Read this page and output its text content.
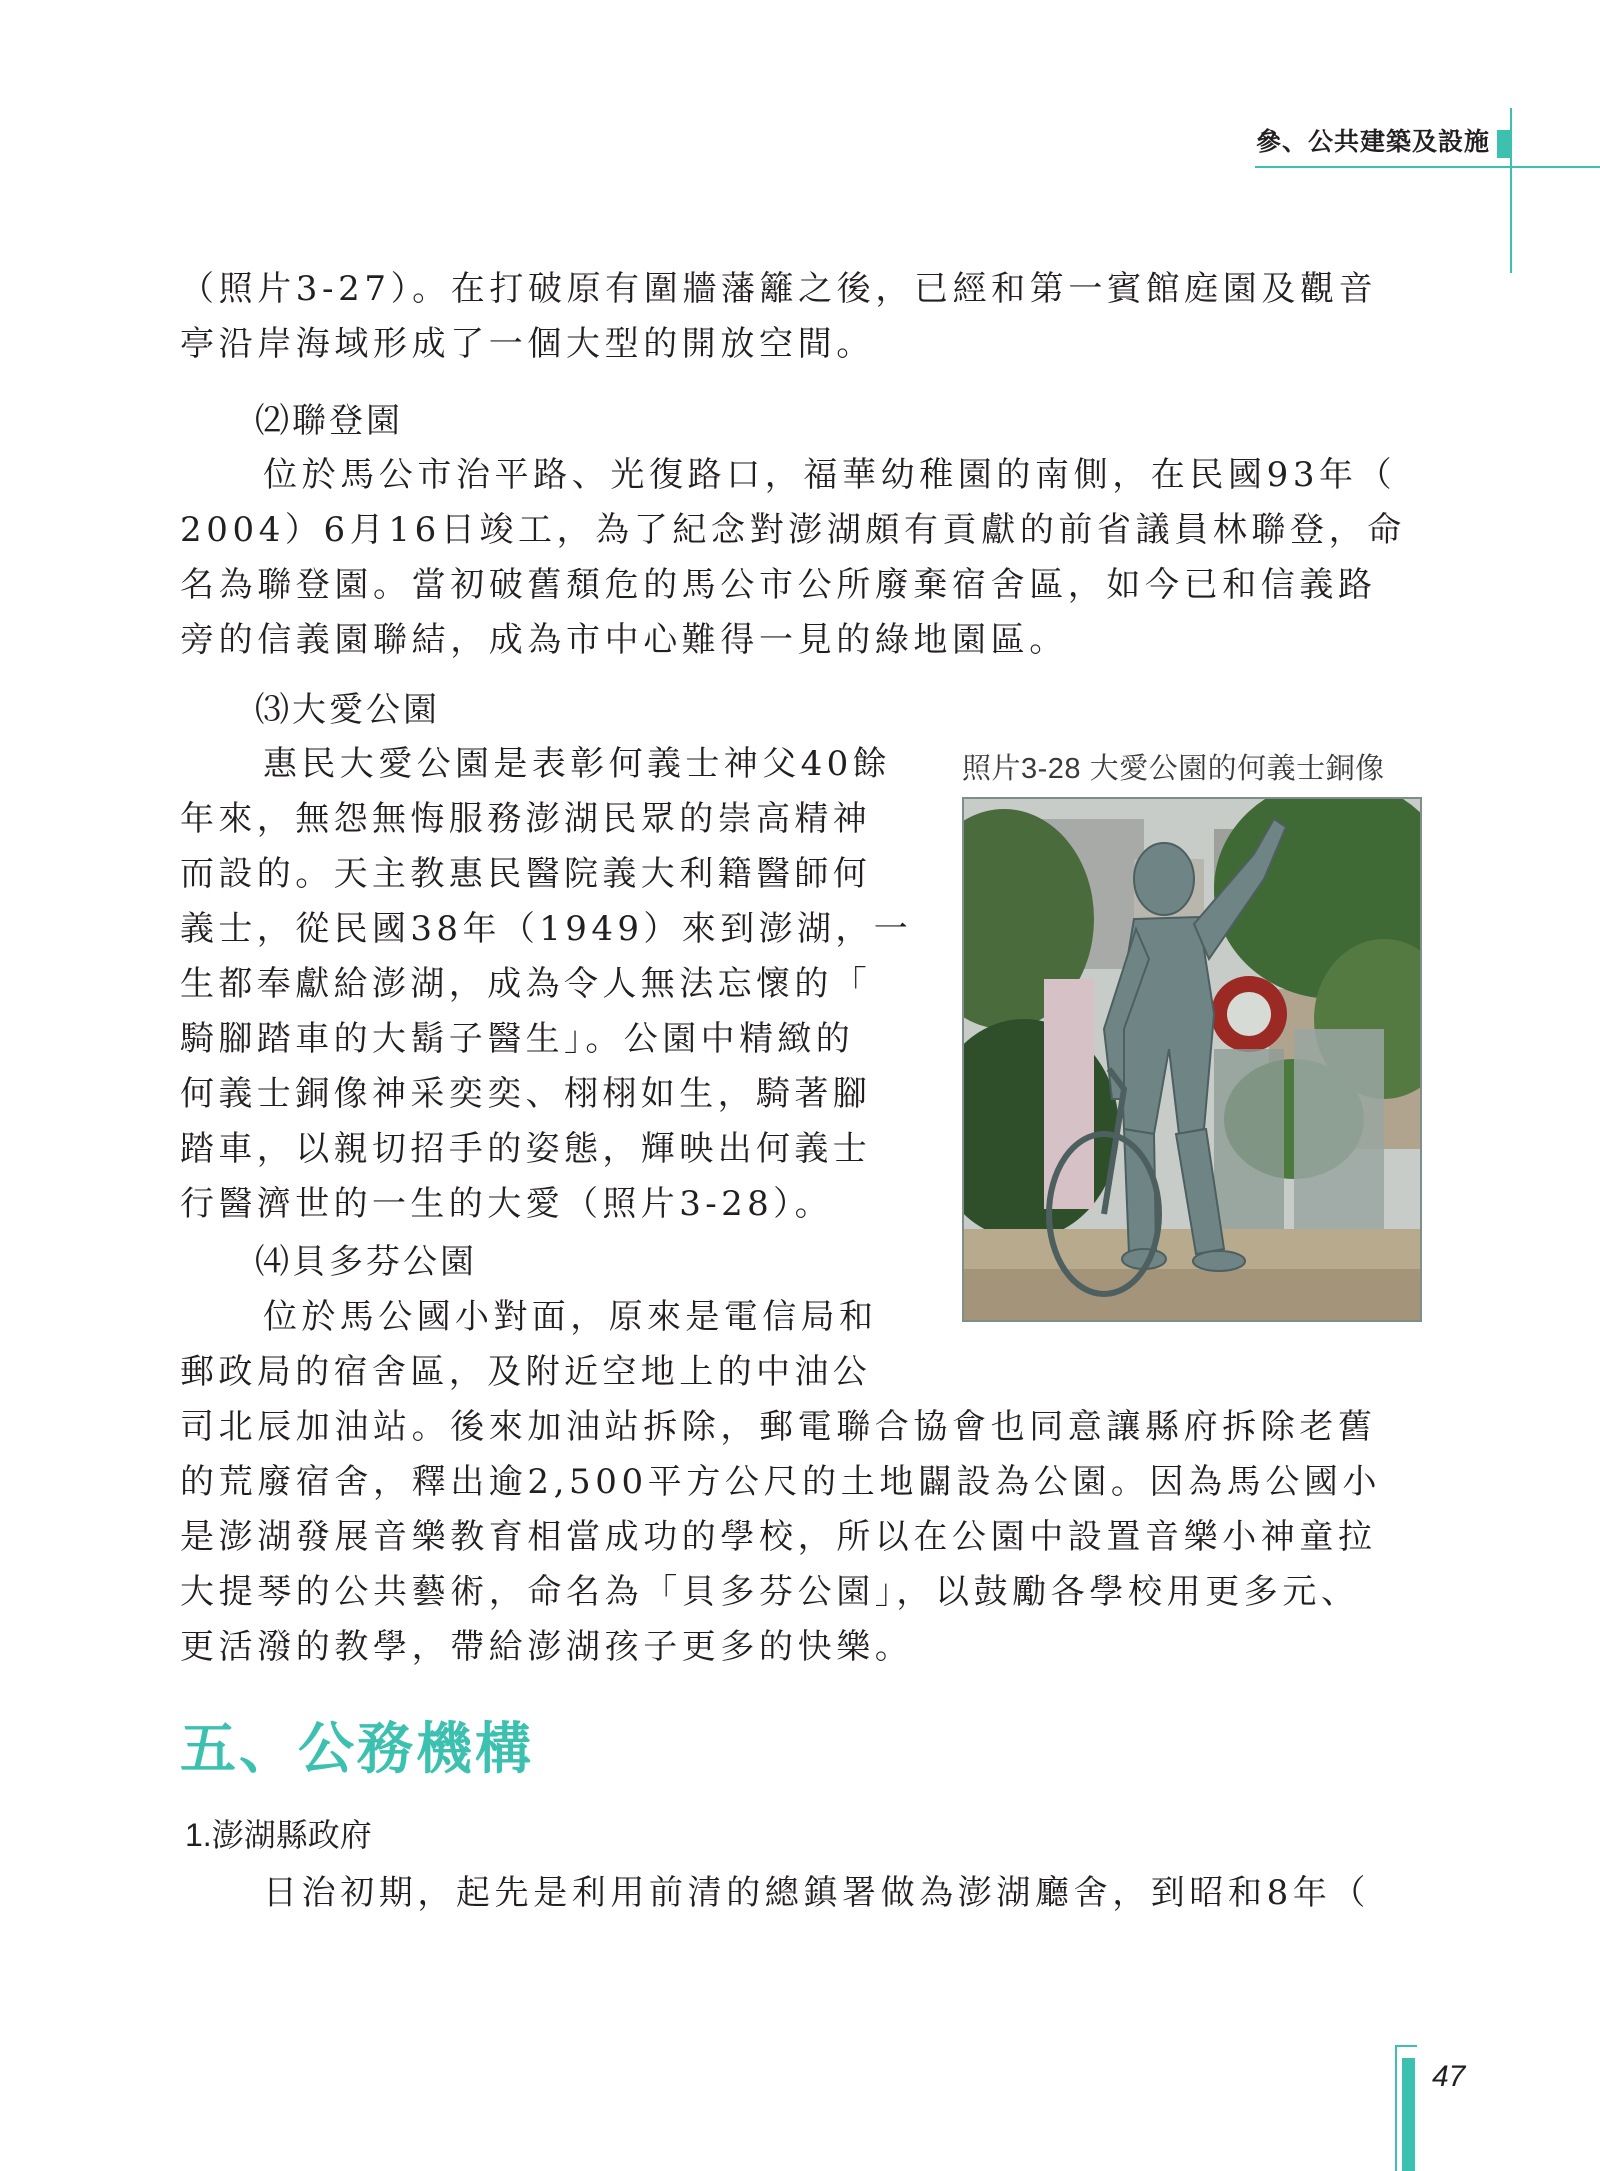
參、公共建築及設施
（照片3-27）。在打破原有圍牆藩籬之後，已經和第一賓館庭園及觀音
亭沿岸海域形成了一個大型的開放空間。
⑵聯登園
位於馬公市治平路、光復路口，福華幼稚園的南側，在民國93年（
2004）6月16日竣工，為了紀念對澎湖頗有貢獻的前省議員林聯登，命
名為聯登園。當初破舊頹危的馬公市公所廢棄宿舍區，如今已和信義路
旁的信義園聯結，成為市中心難得一見的綠地園區。
⑶大愛公園
惠民大愛公園是表彰何義士神父40餘
年來，無怨無悔服務澎湖民眾的崇高精神
而設的。天主教惠民醫院義大利籍醫師何
義士，從民國38年（1949）來到澎湖，一
生都奉獻給澎湖，成為令人無法忘懷的「
騎腳踏車的大鬍子醫生」。公園中精緻的
何義士銅像神采奕奕、栩栩如生，騎著腳
踏車，以親切招手的姿態，輝映出何義士
行醫濟世的一生的大愛（照片3-28）。
照片3-28 大愛公園的何義士銅像
⑷貝多芬公園
位於馬公國小對面，原來是電信局和
郵政局的宿舍區，及附近空地上的中油公
司北辰加油站。後來加油站拆除，郵電聯合協會也同意讓縣府拆除老舊
的荒廢宿舍，釋出逾2,500平方公尺的土地闢設為公園。因為馬公國小
是澎湖發展音樂教育相當成功的學校，所以在公園中設置音樂小神童拉
大提琴的公共藝術，命名為「貝多芬公園」，以鼓勵各學校用更多元、
更活潑的教學，帶給澎湖孩子更多的快樂。
五、公務機構
1.澎湖縣政府
日治初期，起先是利用前清的總鎮署做為澎湖廳舍，到昭和8年（
47
